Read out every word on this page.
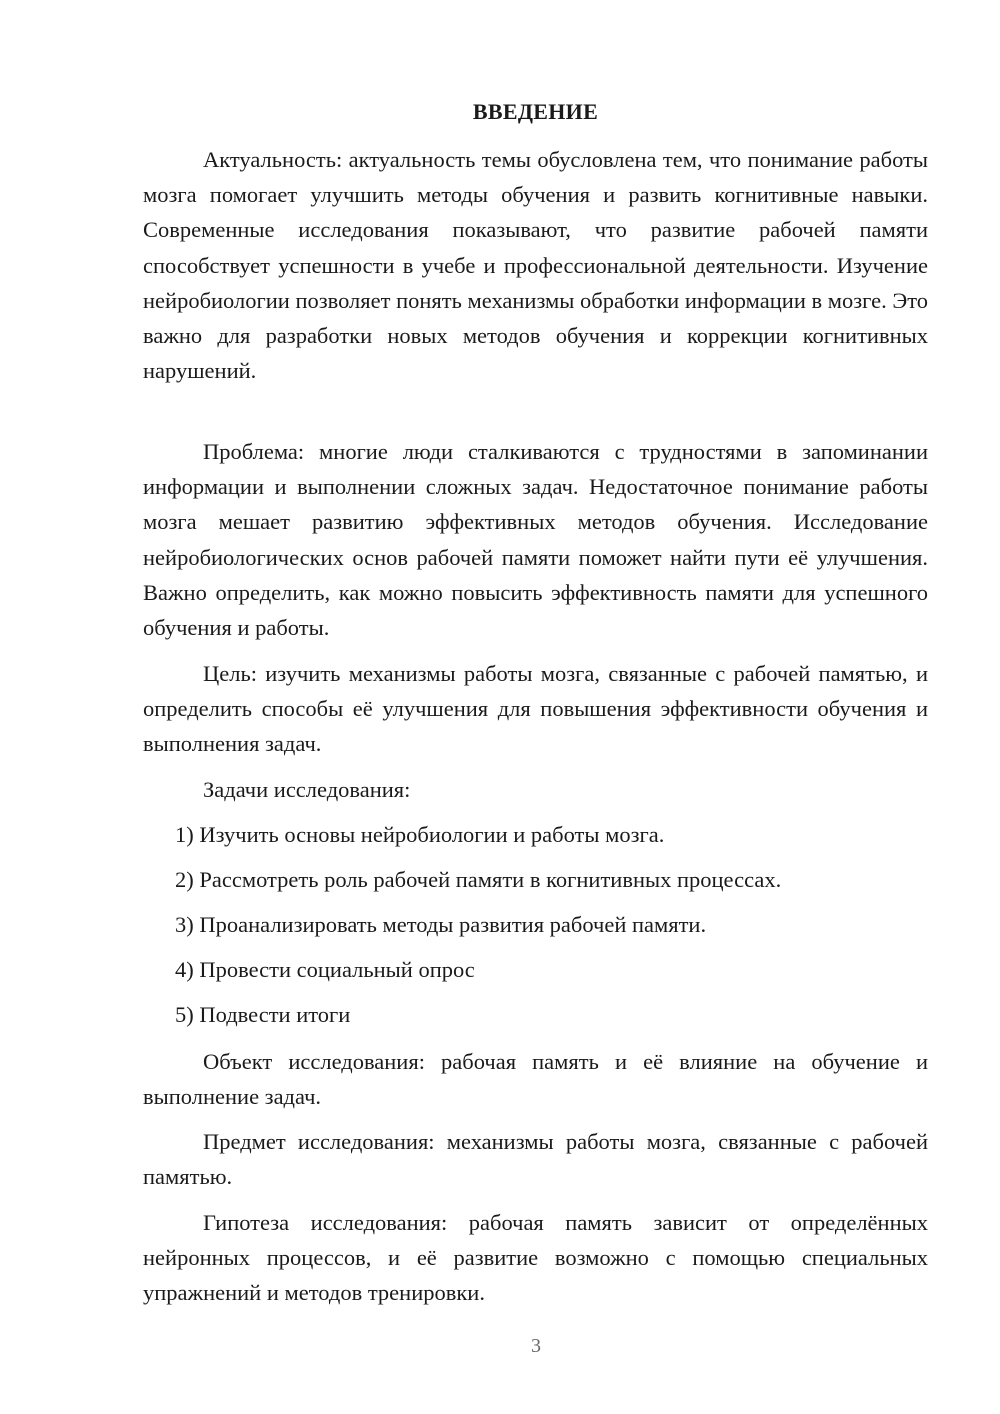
ВВЕДЕНИЕ

Актуальность: актуальность темы обусловлена тем, что понимание работы мозга помогает улучшить методы обучения и развить когнитивные навыки. Современные исследования показывают, что развитие рабочей памяти способствует успешности в учебе и профессиональной деятельности. Изучение нейробиологии позволяет понять механизмы обработки информации в мозге. Это важно для разработки новых методов обучения и коррекции когнитивных нарушений.

Проблема: многие люди сталкиваются с трудностями в запоминании информации и выполнении сложных задач. Недостаточное понимание работы мозга мешает развитию эффективных методов обучения. Исследование нейробиологических основ рабочей памяти поможет найти пути её улучшения. Важно определить, как можно повысить эффективность памяти для успешного обучения и работы.

Цель: изучить механизмы работы мозга, связанные с рабочей памятью, и определить способы её улучшения для повышения эффективности обучения и выполнения задач.

Задачи исследования:

1) Изучить основы нейробиологии и работы мозга.

2) Рассмотреть роль рабочей памяти в когнитивных процессах.

3) Проанализировать методы развития рабочей памяти.

4) Провести социальный опрос

5) Подвести итоги

Объект исследования: рабочая память и её влияние на обучение и выполнение задач.

Предмет исследования: механизмы работы мозга, связанные с рабочей памятью.

Гипотеза исследования: рабочая память зависит от определённых нейронных процессов, и её развитие возможно с помощью специальных упражнений и методов тренировки.

3
